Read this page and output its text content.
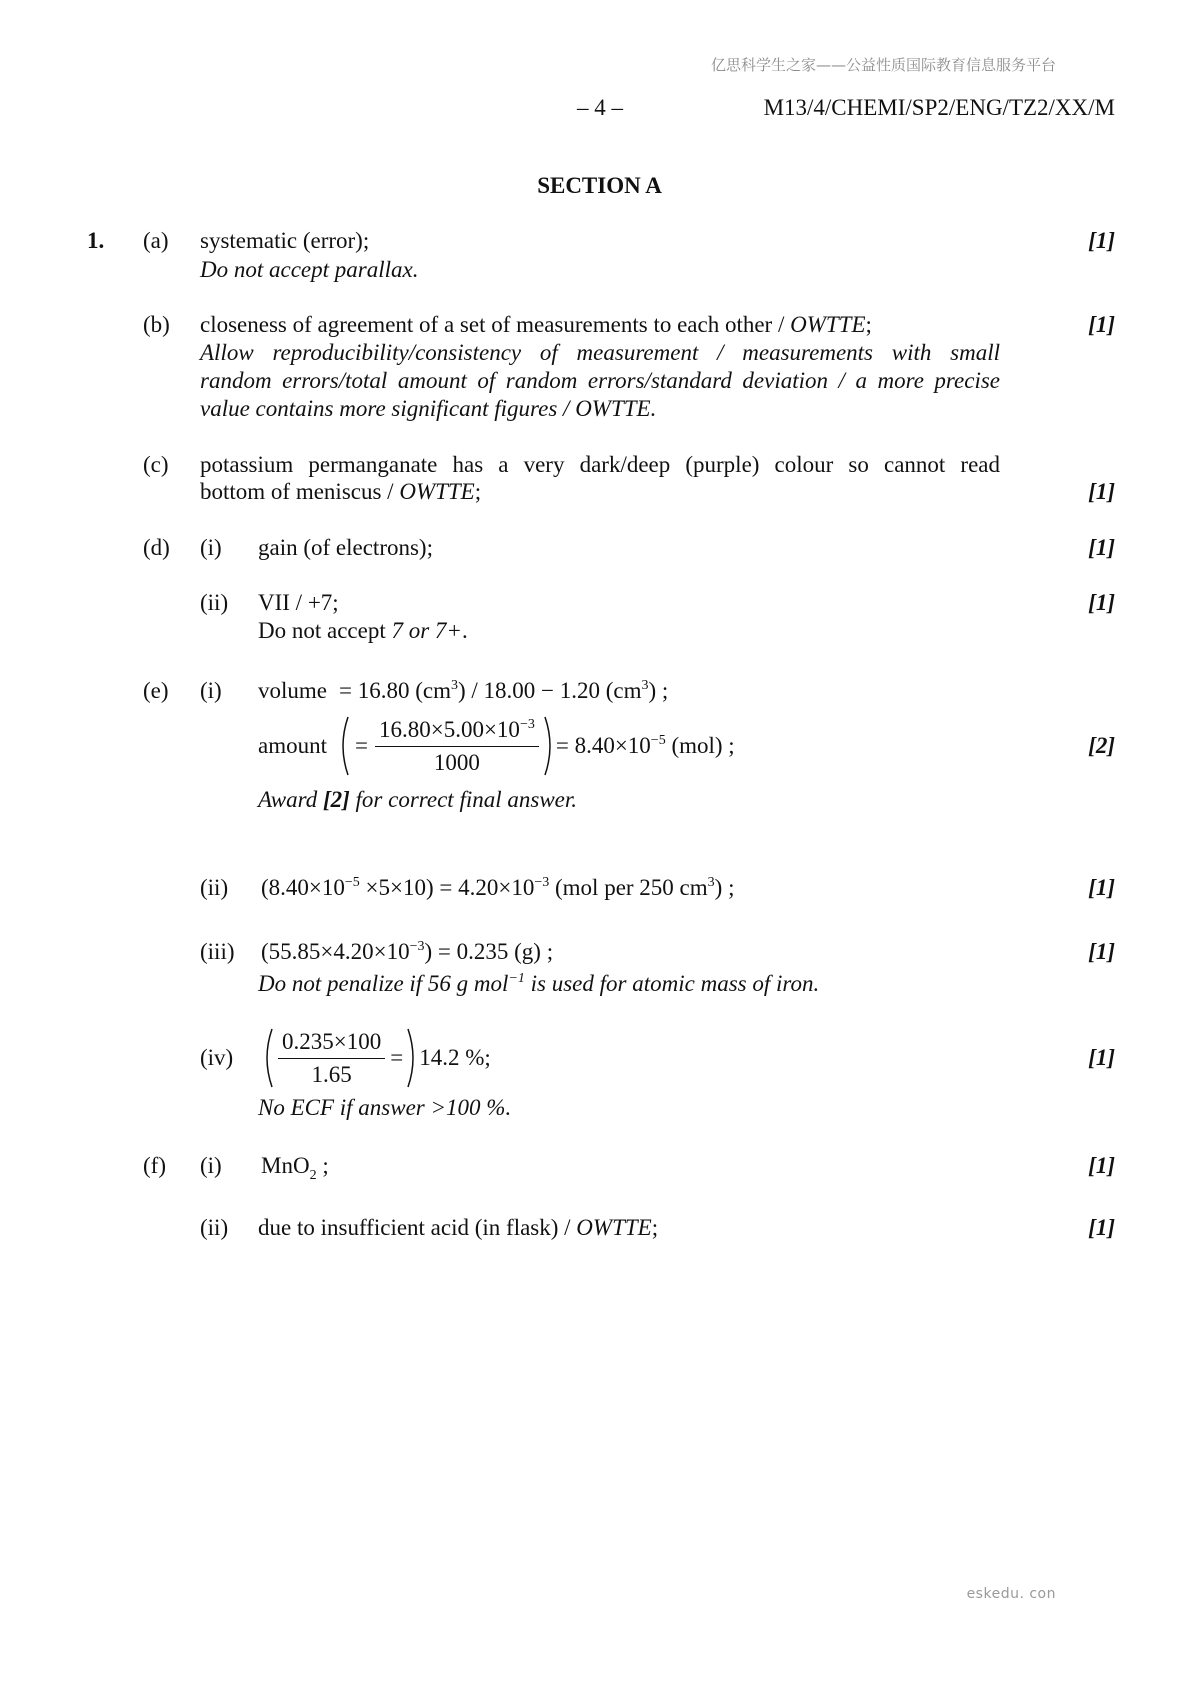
亿思科学生之家——公益性质国际教育信息服务平台
– 4 –	M13/4/CHEMI/SP2/ENG/TZ2/XX/M
SECTION A
1. (a) systematic (error);	[1]
Do not accept parallax.
(b) closeness of agreement of a set of measurements to each other / OWTTE;	[1]
Allow reproducibility/consistency of measurement / measurements with small
random errors/total amount of random errors/standard deviation / a more precise
value contains more significant figures / OWTTE.
(c) potassium permanganate has a very dark/deep (purple) colour so cannot read
bottom of meniscus / OWTTE;	[1]
(d) (i) gain (of electrons);	[1]
(ii) VII / +7;	[1]
Do not accept 7 or 7+.
(e) (i) volume = 16.80 $(cm^3) / 18.00 - 1.20$ $(cm^3)$ ;
amount = $\frac{16.80\times 5.00\times 10^{-3}}{1000} = 8.40\times 10^{-5}$ (mol) ;	[2]
Award [2] for correct final answer.
(ii) $(8.40\times 10^{-5} \times 5\times 10) = 4.20\times 10^{-3}$ (mol per 250 $cm^3$) ;	[1]
(iii) $(55.85\times 4.20\times 10^{-3}) = 0.235$ (g) ;	[1]
Do not penalize if 56 g mol$^{-1}$ is used for atomic mass of iron.
$(iv) \frac{0.235\times 100}{1.65} = 14.2$ % ;	[1]
No ECF if answer >100 %.
(f) (i) MnO$_2$ ;	[1]
(ii) due to insufficient acid (in flask) / OWTTE;	[1]
eskedu. con
